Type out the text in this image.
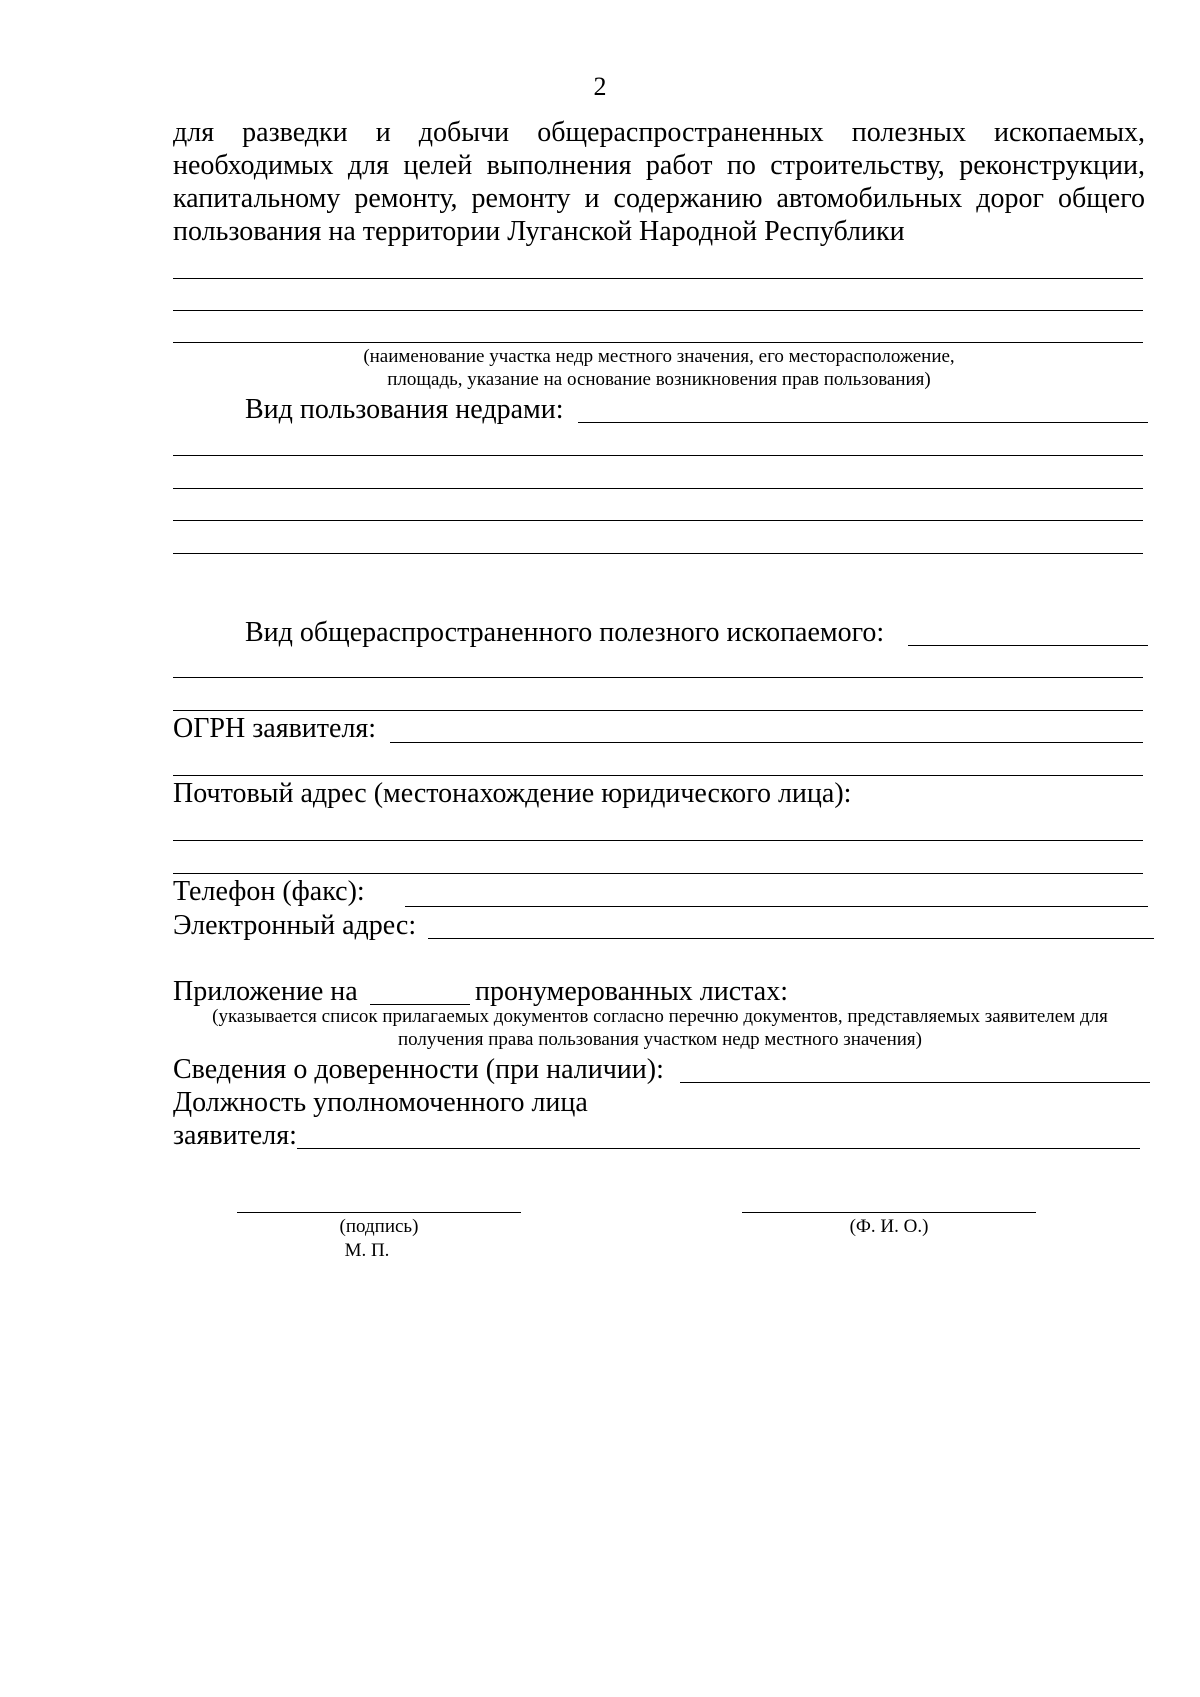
2
для разведки и добычи общераспространенных полезных ископаемых,
необходимых для целей выполнения работ по строительству, реконструкции,
капитальному ремонту, ремонту и содержанию автомобильных дорог общего
пользования на территории Луганской Народной Республики
(наименование участка недр местного значения, его месторасположение,
площадь, указание на основание возникновения прав пользования)
Вид пользования недрами:
Вид общераспространенного полезного ископаемого:
ОГРН заявителя:
Почтовый адрес (местонахождение юридического лица):
Телефон (факс):
Электронный адрес:
Приложение на	пронумерованных листах:
(указывается список прилагаемых документов согласно перечню документов, представляемых заявителем для
получения права пользования участком недр местного значения)
Сведения о доверенности (при наличии):
Должность уполномоченного лица
заявителя:
(подпись)
М. П.
(Ф. И. О.)
